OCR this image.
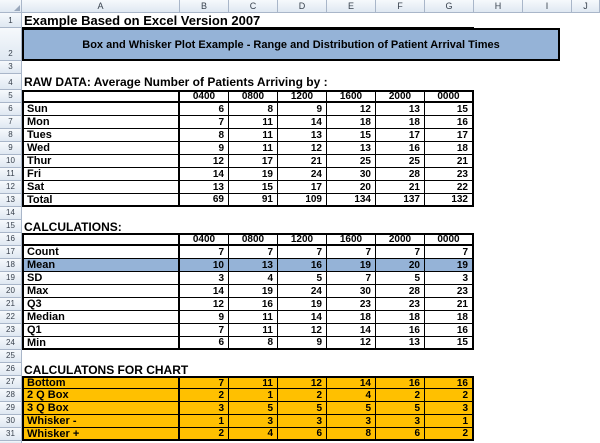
A	B	C	D	E	F	G	H	I	J
1 Example Based on Excel Version 2007
2
Box and Whisker Plot Example - Range and Distribution of Patient Arrival Times
3
4 RAW DATA: Average Number of Patients Arriving by :
5	0400	0800	1200	1600	2000	0000
6	Sun	6	8	9	12	13	15
7	Mon	7	11	14	18	18	16
8	Tues	8	11	13	15	17	17
9	Wed	9	11	12	13	16	18
10	Thur	12	17	21	25	25	21
11	Fri	14	19	24	30	28	23
12	Sat	13	15	17	20	21	22
13	Total	69	91	109	134	137	132
14
15 CALCULATIONS:
16	0400	0800	1200	1600	2000	0000
17	Count	7	7	7	7	7	7
18	Mean	10	13	16	19	20	19
19	SD	3	4	5	7	5	3
20	Max	14	19	24	30	28	23
21	Q3	12	16	19	23	23	21
22	Median	9	11	14	18	18	18
23	Q1	7	11	12	14	16	16
24	Min	6	8	9	12	13	15
25
26 CALCULATONS FOR CHART
27	Bottom	7	11	12	14	16	16
28	2 Q Box	2	1	2	4	2	2
29	3 Q Box	3	5	5	5	5	3
30	Whisker -	1	3	3	3	3	1
31	Whisker +	2	4	6	8	6	2
